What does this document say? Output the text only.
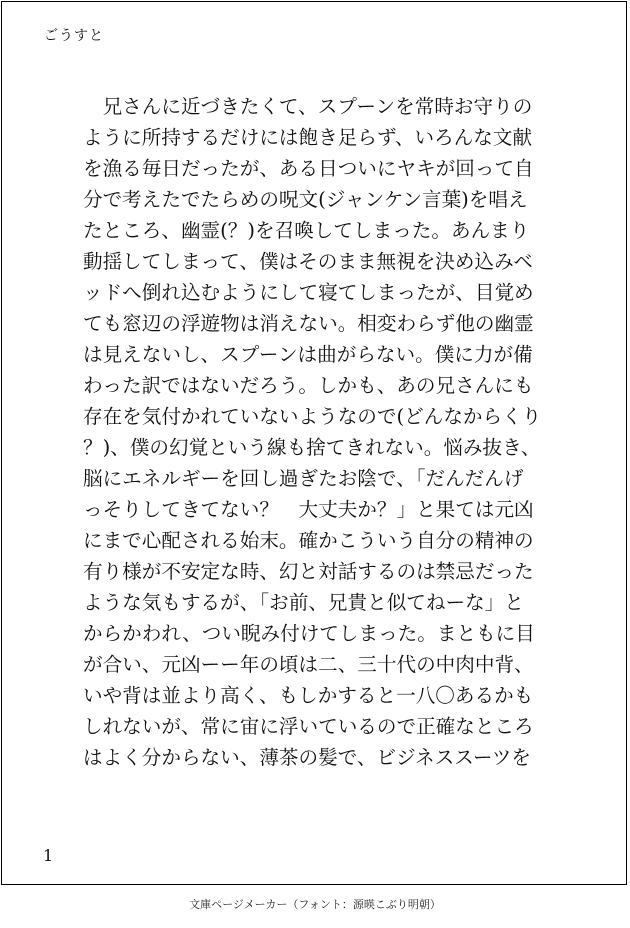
ごうすと
　兄さんに近づきたくて、スプーンを常時お守りの
ように所持するだけには飽き足らず、いろんな文献
を漁る毎日だったが、ある日ついにヤキが回って自
分で考えたでたらめの呪文(ジャンケン言葉)を唱え
たところ、幽霊(？)を召喚してしまった。あんまり
動揺してしまって、僕はそのまま無視を決め込みベ
ッドへ倒れ込むようにして寝てしまったが、目覚め
ても窓辺の浮遊物は消えない。相変わらず他の幽霊
は見えないし、スプーンは曲がらない。僕に力が備
わった訳ではないだろう。しかも、あの兄さんにも
存在を気付かれていないようなので(どんなからくり
？)、僕の幻覚という線も捨てきれない。悩み抜き、
脳にエネルギーを回し過ぎたお陰で、「だんだんげ
っそりしてきてない？　大丈夫か？」と果ては元凶
にまで心配される始末。確かこういう自分の精神の
有り様が不安定な時、幻と対話するのは禁忌だった
ような気もするが、「お前、兄貴と似てねーな」と
からかわれ、つい睨み付けてしまった。まともに目
が合い、元凶ーー年の頃は二、三十代の中肉中背、
いや背は並より高く、もしかすると一八〇あるかも
しれないが、常に宙に浮いているので正確なところ
はよく分からない、薄茶の髪で、ビジネススーツを
1
文庫ページメーカー（フォント：源暎こぶり明朝）
